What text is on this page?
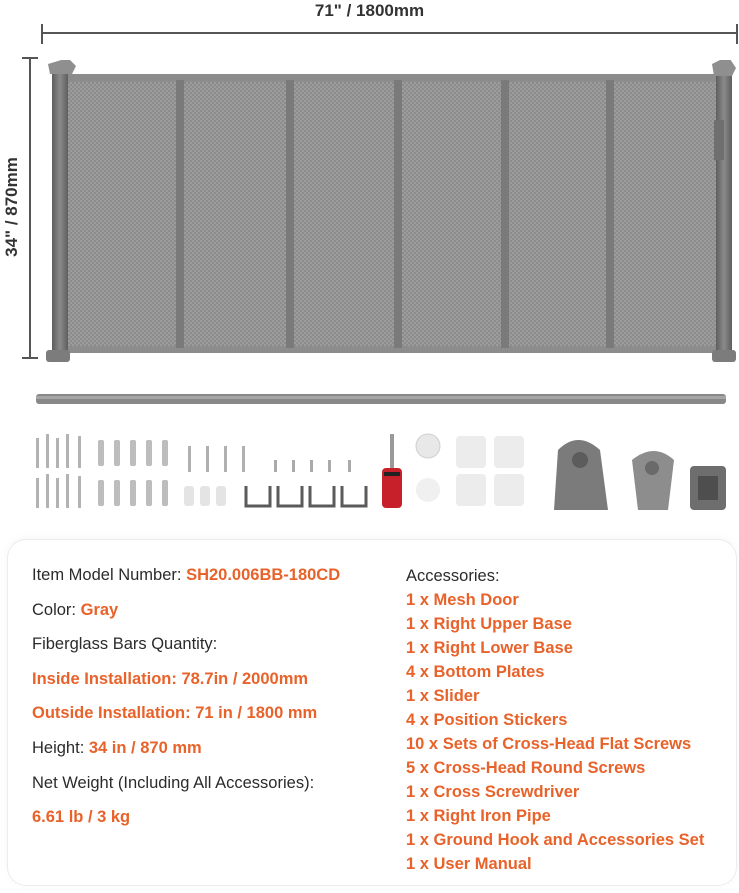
71" / 1800mm
34" / 870mm
Item Model Number: SH20.006BB-180CD
Color: Gray
Fiberglass Bars Quantity:
Inside Installation: 78.7in / 2000mm
Outside Installation: 71 in / 1800 mm
Height: 34 in / 870 mm
Net Weight (Including All Accessories):
6.61 lb / 3 kg
Accessories:
1 x Mesh Door
1 x Right Upper Base
1 x Right Lower Base
4 x Bottom Plates
1 x Slider
4 x Position Stickers
10 x Sets of Cross-Head Flat Screws
5 x Cross-Head Round Screws
1 x Cross Screwdriver
1 x Right Iron Pipe
1 x Ground Hook and Accessories Set
1 x User Manual
